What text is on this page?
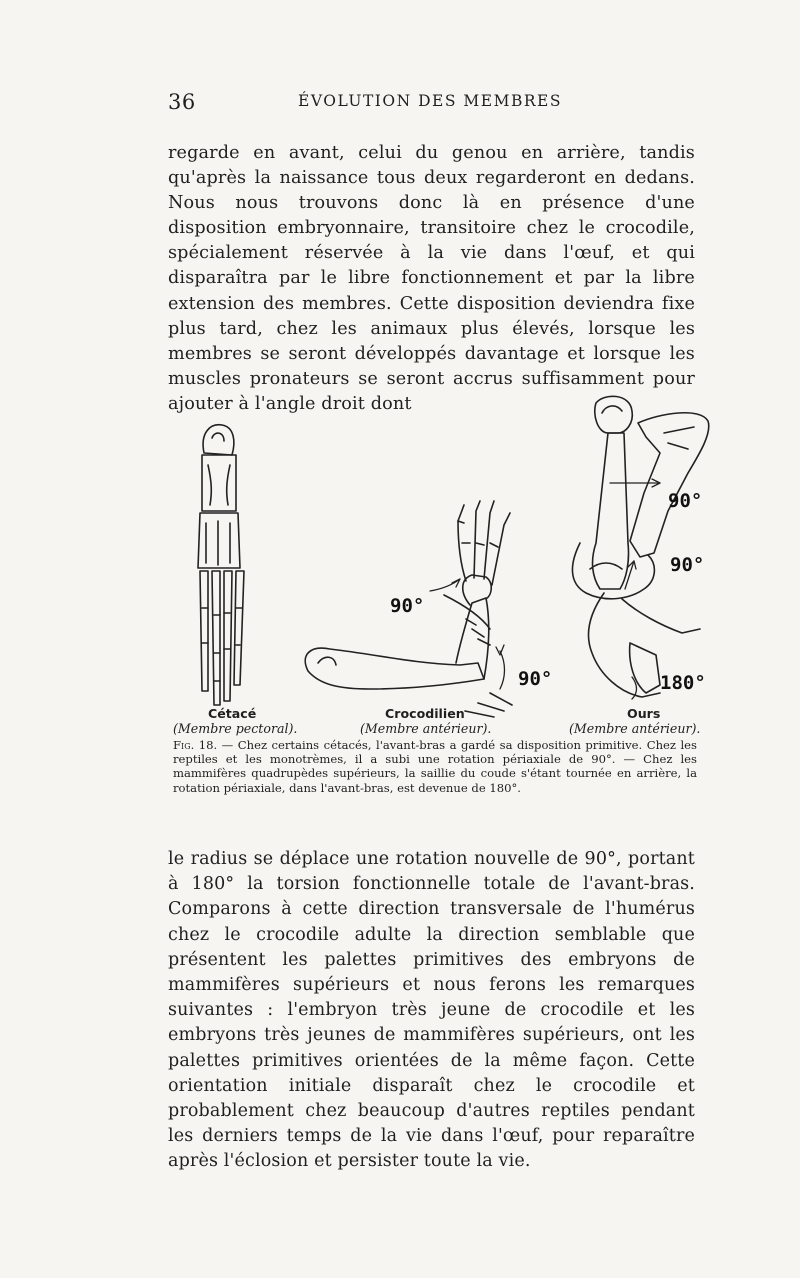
36	ÉVOLUTION DES MEMBRES

regarde en avant, celui du genou en arrière, tandis qu'après la naissance tous deux regarderont en dedans. Nous nous trouvons donc là en présence d'une disposition embryonnaire, transitoire chez le crocodile, spécialement réservée à la vie dans l'œuf, et qui disparaîtra par le libre fonctionnement et par la libre extension des membres. Cette disposition deviendra fixe plus tard, chez les animaux plus élevés, lorsque les membres se seront développés davantage et lorsque les muscles pronateurs se seront accrus suffisamment pour ajouter à l'angle droit dont

90°
90°
90°
90°
180°
Cétacé
(Membre pectoral).
Crocodilien
(Membre antérieur).
Ours
(Membre antérieur).

Fig. 18. — Chez certains cétacés, l'avant-bras a gardé sa disposition primitive. Chez les reptiles et les monotrèmes, il a subi une rotation périaxiale de 90°. — Chez les mammifères quadrupèdes supérieurs, la saillie du coude s'étant tournée en arrière, la rotation périaxiale, dans l'avant-bras, est devenue de 180°.

le radius se déplace une rotation nouvelle de 90°, portant à 180° la torsion fonctionnelle totale de l'avant-bras. Comparons à cette direction transversale de l'humérus chez le crocodile adulte la direction semblable que présentent les palettes primitives des embryons de mammifères supérieurs et nous ferons les remarques suivantes : l'embryon très jeune de crocodile et les embryons très jeunes de mammifères supérieurs, ont les palettes primitives orientées de la même façon. Cette orientation initiale disparaît chez le crocodile et probablement chez beaucoup d'autres reptiles pendant les derniers temps de la vie dans l'œuf, pour reparaître après l'éclosion et persister toute la vie.
